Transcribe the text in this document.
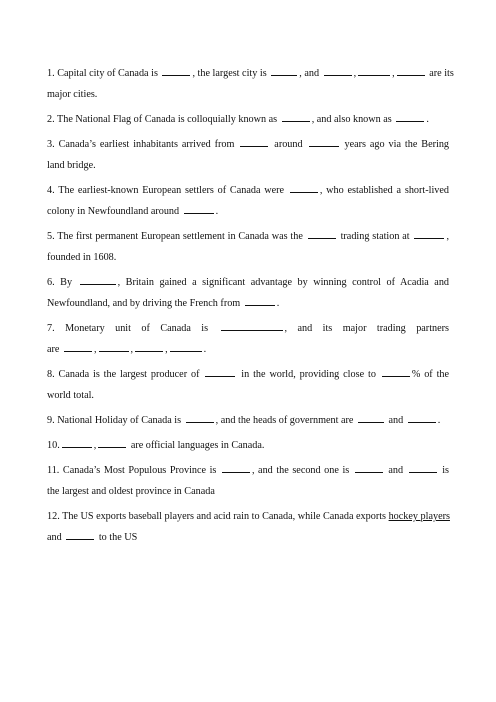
1. Capital city of Canada is	, the largest city is	, and	,	,	are its
major cities.
2. The National Flag of Canada is colloquially known as	, and also known as	.
3. Canada’s earliest inhabitants arrived from	around	years ago via the Bering
land bridge.
4. The earliest-known European settlers of Canada were	, who established a short-lived
colony in Newfoundland around	.
5. The first permanent European settlement in Canada was the	trading station at	,
founded in 1608.
6. By	, Britain gained a significant advantage by winning control of Acadia and
Newfoundland, and by driving the French from	.
7. Monetary unit of Canada is	, and its major trading partners
are	,	,	,	.
8. Canada is the largest producer of	in the world, providing close to	% of the
world total.
9. National Holiday of Canada is	, and the heads of government are	and	.
10.	,	are official languages in Canada.
11. Canada’s Most Populous Province is	, and the second one is	and	is
the largest and oldest province in Canada
12. The US exports baseball players and acid rain to Canada, while Canada exports hockey players
and	to the US
